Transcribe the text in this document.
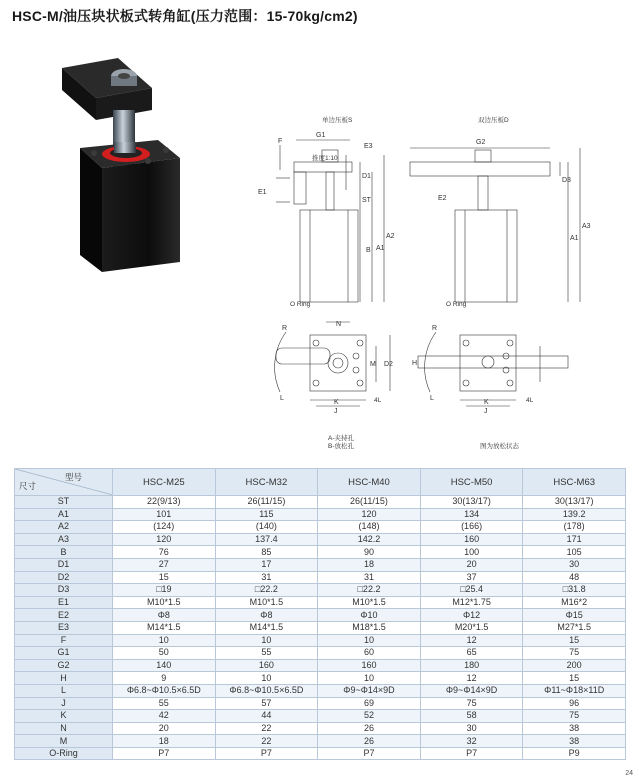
HSC-M/油压块状板式转角缸(压力范围：15-70kg/cm2)
单边压板S	双边压板D
F
G1
E3
D1
E1
ST
B A1
A2
推度1:10
O Ring
G2
D3
E2
A1
A3
O Ring
R
L
N
M D2
K
J
4L
R
L
H
K
J
4L
A-夹持孔
B-放松孔	图为放松状态
型号
尺寸	HSC-M25	HSC-M32	HSC-M40	HSC-M50	HSC-M63
ST	22(9/13)	26(11/15)	26(11/15)	30(13/17)	30(13/17)
A1	101	115	120	134	139.2
A2	(124)	(140)	(148)	(166)	(178)
A3	120	137.4	142.2	160	171
B	76	85	90	100	105
D1	27	17	18	20	30
D2	15	31	31	37	48
D3	□19	□22.2	□22.2	□25.4	□31.8
E1	M10*1.5	M10*1.5	M10*1.5	M12*1.75	M16*2
E2	Φ8	Φ8	Φ10	Φ12	Φ15
E3	M14*1.5	M14*1.5	M18*1.5	M20*1.5	M27*1.5
F	10	10	10	12	15
G1	50	55	60	65	75
G2	140	160	160	180	200
H	9	10	10	12	15
L	Φ6.8~Φ10.5×6.5D	Φ6.8~Φ10.5×6.5D	Φ9~Φ14×9D	Φ9~Φ14×9D	Φ11~Φ18×11D
J	55	57	69	75	96
K	42	44	52	58	75
N	20	22	26	30	38
M	18	22	26	32	38
O-Ring	P7	P7	P7	P7	P9
24
